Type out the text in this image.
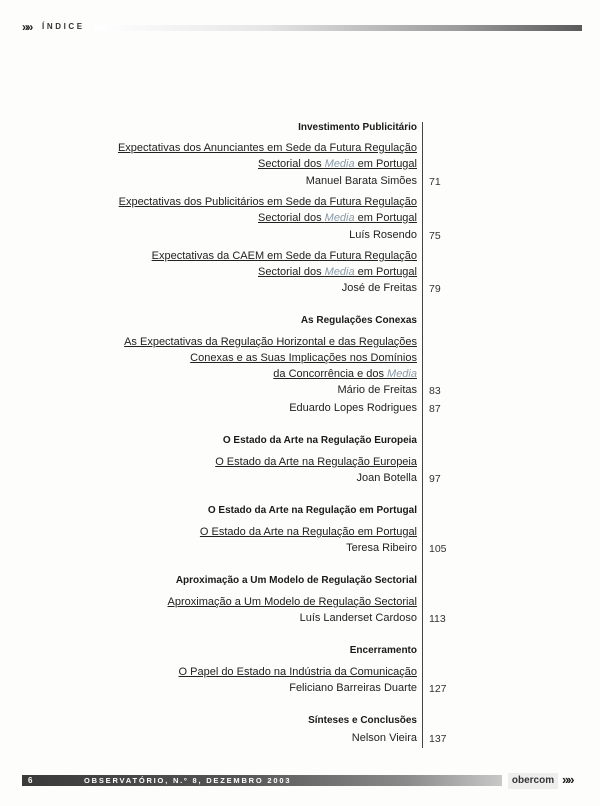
»» ÍNDICE
Investimento Publicitário
Expectativas dos Anunciantes em Sede da Futura Regulação
Sectorial dos Media em Portugal
Manuel Barata Simões 71
Expectativas dos Publicitários em Sede da Futura Regulação
Sectorial dos Media em Portugal
Luís Rosendo 75
Expectativas da CAEM em Sede da Futura Regulação
Sectorial dos Media em Portugal
José de Freitas 79
As Regulações Conexas
As Expectativas da Regulação Horizontal e das Regulações
Conexas e as Suas Implicações nos Domínios
da Concorrência e dos Media
Mário de Freitas 83
Eduardo Lopes Rodrigues 87
O Estado da Arte na Regulação Europeia
O Estado da Arte na Regulação Europeia
Joan Botella 97
O Estado da Arte na Regulação em Portugal
O Estado da Arte na Regulação em Portugal
Teresa Ribeiro 105
Aproximação a Um Modelo de Regulação Sectorial
Aproximação a Um Modelo de Regulação Sectorial
Luís Landerset Cardoso 113
Encerramento
O Papel do Estado na Indústria da Comunicação
Feliciano Barreiras Duarte 127
Sínteses e Conclusões
Nelson Vieira 137
6	OBSERVATÓRIO, N.º 8, DEZEMBRO 2003	obercom »»
